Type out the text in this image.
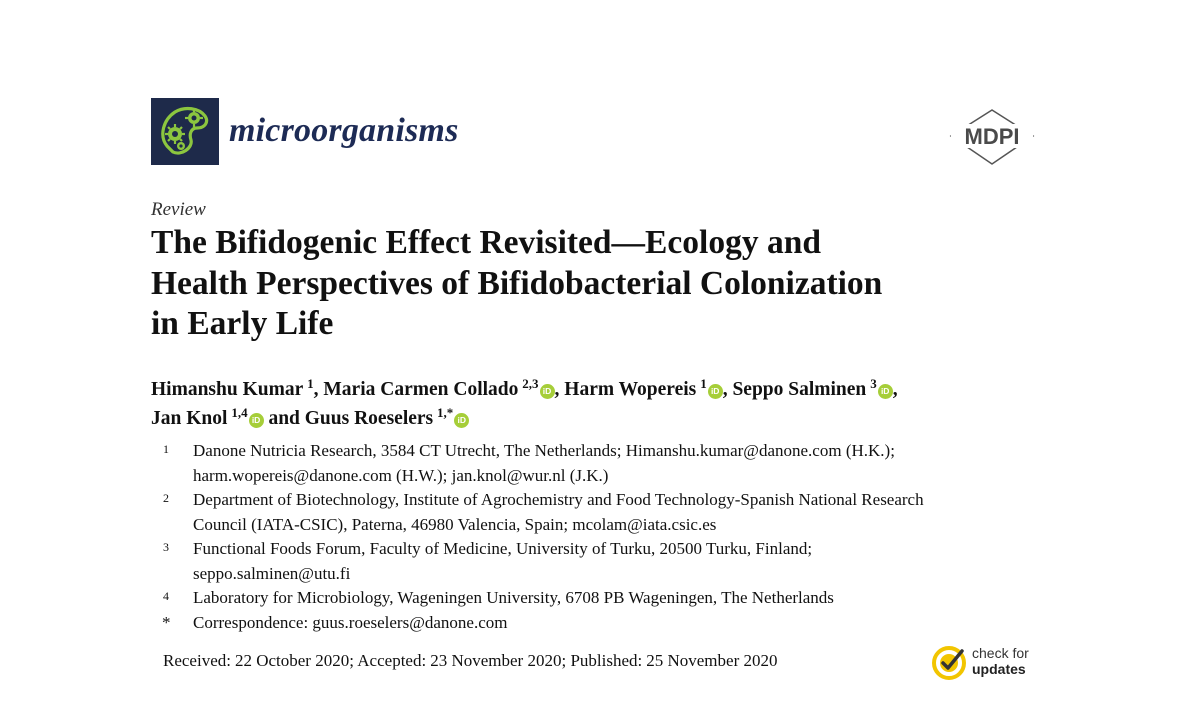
microorganisms	MDPI
Review
The Bifidogenic Effect Revisited—Ecology and
Health Perspectives of Bifidobacterial Colonization
in Early Life
Himanshu Kumar  $^1$, Maria Carmen Collado  $^{2,3}$ iD , Harm Wopereis  $^1$ iD , Seppo Salminen  $^3$ iD ,
Jan Knol  $^{1,4}$ iD and Guus Roeselers  $^{1,*}$ iD
1 Danone Nutricia Research, 3584 CT Utrecht, The Netherlands; Himanshu.kumar@danone.com (H.K.);
harm.wopereis@danone.com (H.W.); jan.knol@wur.nl (J.K.)
2 Department of Biotechnology, Institute of Agrochemistry and Food Technology-Spanish National Research
Council (IATA-CSIC), Paterna, 46980 Valencia, Spain; mcolam@iata.csic.es
3 Functional Foods Forum, Faculty of Medicine, University of Turku, 20500 Turku, Finland;
seppo.salminen@utu.fi
4 Laboratory for Microbiology, Wageningen University, 6708 PB Wageningen, The Netherlands
* Correspondence: guus.roeselers@danone.com
Received: 22 October 2020; Accepted: 23 November 2020; Published: 25 November 2020	check for
updates
